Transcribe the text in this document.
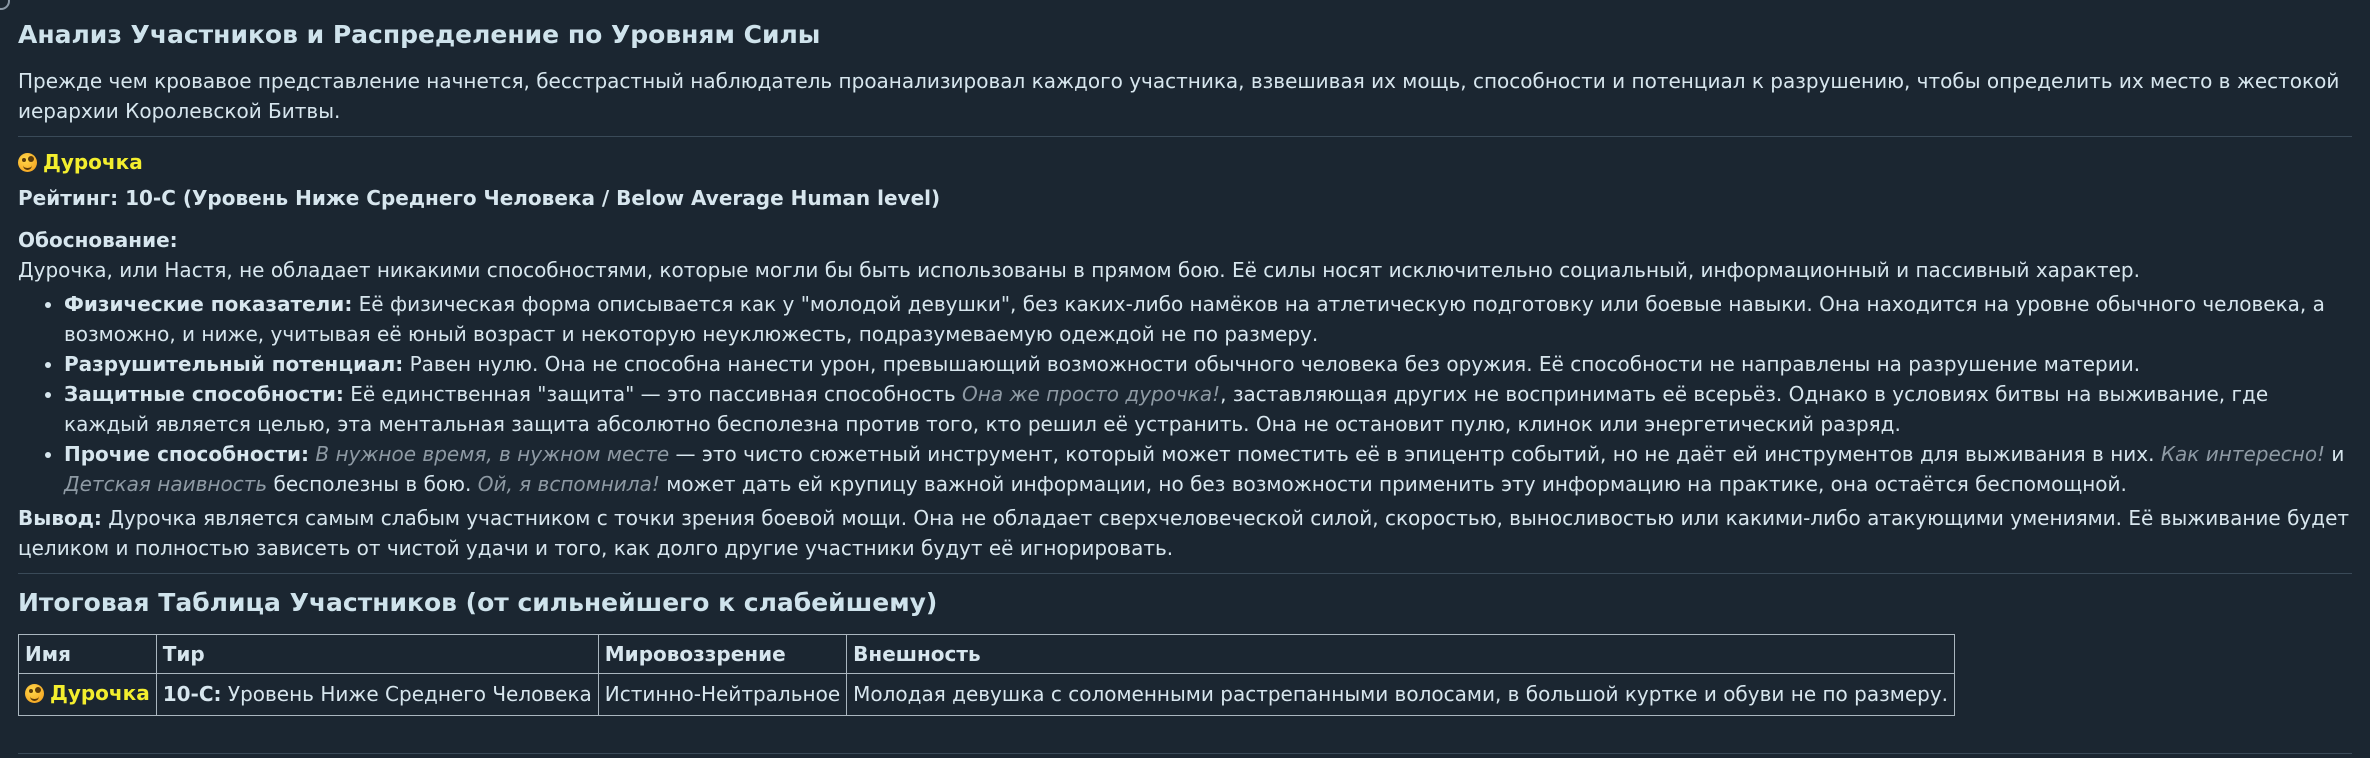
Анализ Участников и Распределение по Уровням Силы

Прежде чем кровавое представление начнется, бесстрастный наблюдатель проанализировал каждого участника, взвешивая их мощь, способности и потенциал к разрушению, чтобы определить их место в жестокой иерархии Королевской Битвы.

Дурочка

Рейтинг: 10-C (Уровень Ниже Среднего Человека / Below Average Human level)

Обоснование:

Дурочка, или Настя, не обладает никакими способностями, которые могли бы быть использованы в прямом бою. Её силы носят исключительно социальный, информационный и пассивный характер.

• Физические показатели: Её физическая форма описывается как у "молодой девушки", без каких-либо намёков на атлетическую подготовку или боевые навыки. Она находится на уровне обычного человека, а возможно, и ниже, учитывая её юный возраст и некоторую неуклюжесть, подразумеваемую одеждой не по размеру.
• Разрушительный потенциал: Равен нулю. Она не способна нанести урон, превышающий возможности обычного человека без оружия. Её способности не направлены на разрушение материи.
• Защитные способности: Её единственная "защита" — это пассивная способность Она же просто дурочка!, заставляющая других не воспринимать её всерьёз. Однако в условиях битвы на выживание, где каждый является целью, эта ментальная защита абсолютно бесполезна против того, кто решил её устранить. Она не остановит пулю, клинок или энергетический разряд.
• Прочие способности: В нужное время, в нужном месте — это чисто сюжетный инструмент, который может поместить её в эпицентр событий, но не даёт ей инструментов для выживания в них. Как интересно! и Детская наивность бесполезны в бою. Ой, я вспомнила! может дать ей крупицу важной информации, но без возможности применить эту информацию на практике, она остаётся беспомощной.

Вывод: Дурочка является самым слабым участником с точки зрения боевой мощи. Она не обладает сверхчеловеческой силой, скоростью, выносливостью или какими-либо атакующими умениями. Её выживание будет целиком и полностью зависеть от чистой удачи и того, как долго другие участники будут её игнорировать.

Итоговая Таблица Участников (от сильнейшего к слабейшему)
Имя	Тир	Мировоззрение	Внешность

Дурочка	10-C: Уровень Ниже Среднего Человека	Истинно-Нейтральное	Молодая девушка с соломенными растрепанными волосами, в большой куртке и обуви не по размеру.
